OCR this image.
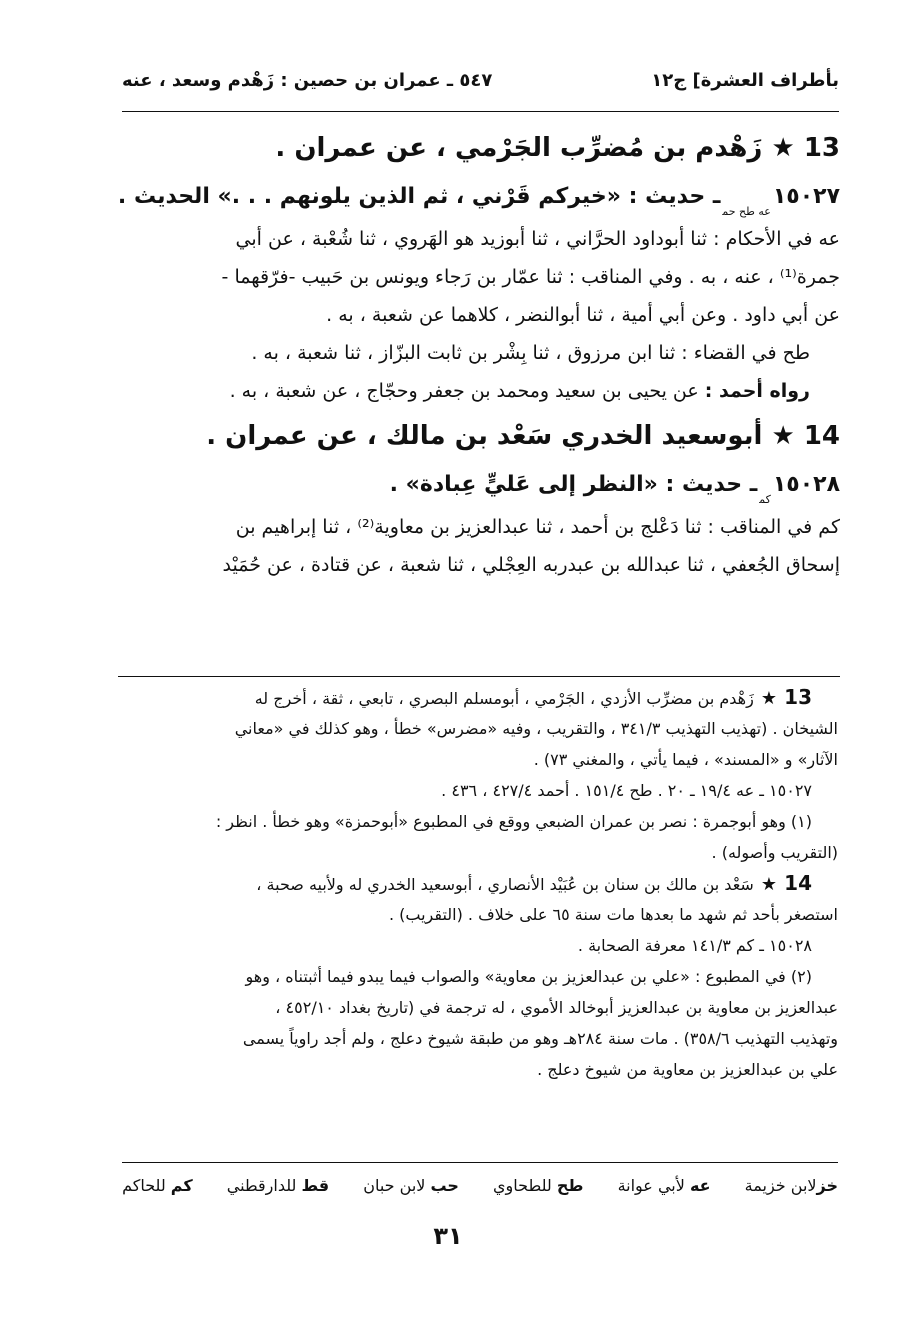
بأطراف العشرة] ج١٢
٥٤٧ ـ عمران بن حصين : زَهْدم وسعد ، عنه
13 ★ زَهْدم بن مُضرِّب الجَرْمي ، عن عمران .
$١٥٠٢٧_{عه طح حم}ـ$ حديث : «خيركم قَرْني ، ثم الذين يلونهم . . .» الحديث .
عه في الأحكام : ثنا أبوداود الحرَّاني ، ثنا أبوزيد هو الهَروي ، ثنا شُعْبة ، عن أبي
جمرة⁽¹⁾ ، عنه ، به . وفي المناقب : ثنا عمّار بن رَجاء ويونس بن حَبيب -فرّقهما -
عن أبي داود . وعن أبي أمية ، ثنا أبوالنضر ، كلاهما عن شعبة ، به .
طح في القضاء : ثنا ابن مرزوق ، ثنا بِشْر بن ثابت البزّاز ، ثنا شعبة ، به .
رواه أحمد : عن يحيى بن سعيد ومحمد بن جعفر وحجّاج ، عن شعبة ، به .
14 ★ أبوسعيد الخدري سَعْد بن مالك ، عن عمران .
$١٥٠٢٨_{كم}ـ$ حديث : «النظر إلى عَليٍّ عِبادة» .
كم في المناقب : ثنا دَعْلج بن أحمد ، ثنا عبدالعزيز بن معاوية⁽²⁾ ، ثنا إبراهيم بن
إسحاق الجُعفي ، ثنا عبدالله بن عبدربه العِجْلي ، ثنا شعبة ، عن قتادة ، عن حُمَيْد
13 ★ زَهْدم بن مضرِّب الأزدي ، الجَرْمي ، أبومسلم البصري ، تابعي ، ثقة ، أخرج له
الشيخان . (تهذيب التهذيب ٣٤١/٣ ، والتقريب ، وفيه «مضرس» خطأ ، وهو كذلك في «معاني
الآثار» و «المسند» ، فيما يأتي ، والمغني ٧٣) .
١٥٠٢٧ ـ عه ١٩/٤ ـ ٢٠ . طح ١٥١/٤ . أحمد ٤٢٧/٤ ، ٤٣٦ .
(١) وهو أبوجمرة : نصر بن عمران الضبعي ووقع في المطبوع «أبوحمزة» وهو خطأ . انظر :
(التقريب وأصوله) .
14 ★ سَعْد بن مالك بن سنان بن عُبَيْد الأنصاري ، أبوسعيد الخدري له ولأبيه صحبة ،
استصغر بأحد ثم شهد ما بعدها مات سنة ٦٥ على خلاف . (التقريب) .
١٥٠٢٨ ـ كم ١٤١/٣ معرفة الصحابة .
(٢) في المطبوع : «علي بن عبدالعزيز بن معاوية» والصواب فيما يبدو فيما أثبتناه ، وهو
عبدالعزيز بن معاوية بن عبدالعزيز أبوخالد الأموي ، له ترجمة في (تاريخ بغداد ٤٥٢/١٠ ،
وتهذيب التهذيب ٣٥٨/٦) . مات سنة ٢٨٤هـ وهو من طبقة شيوخ دعلج ، ولم أجد راوياً يسمى
علي بن عبدالعزيز بن معاوية من شيوخ دعلج .
خزلابن خزيمة
عه لأبي عوانة
طح للطحاوي
حب لابن حبان
قط للدارقطني
كم للحاكم
٣١
